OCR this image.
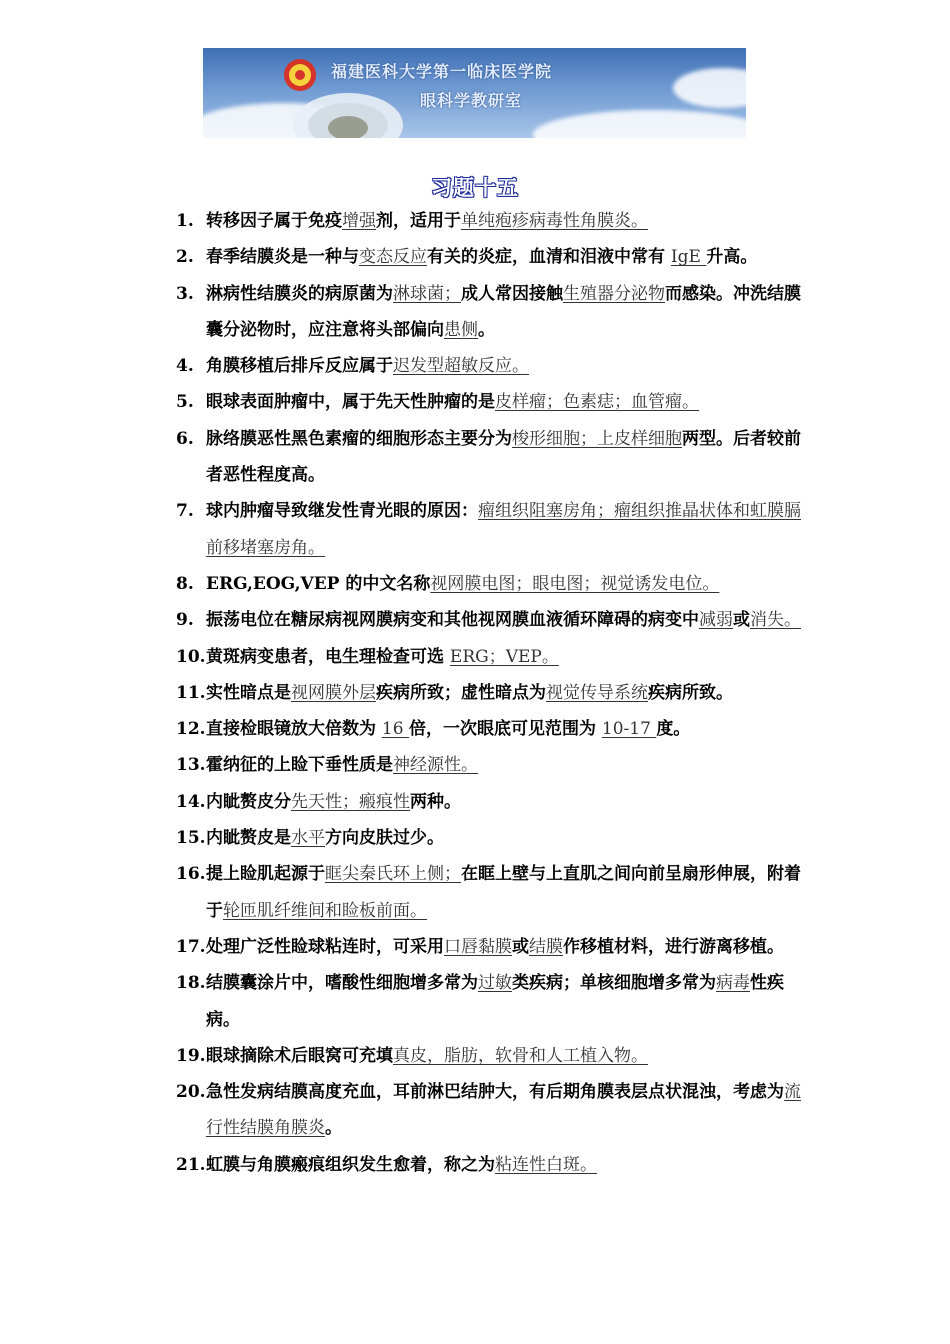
福建医科大学第一临床医学院
眼科学教研室
习题十五
1. 转移因子属于免疫增强剂，适用于单纯疱疹病毒性角膜炎。
2. 春季结膜炎是一种与变态反应有关的炎症，血清和泪液中常有 IgE 升高。
3. 淋病性结膜炎的病原菌为淋球菌；成人常因接触生殖器分泌物而感染。冲洗结膜囊分泌物时，应注意将头部偏向患侧。
4. 角膜移植后排斥反应属于迟发型超敏反应。
5. 眼球表面肿瘤中，属于先天性肿瘤的是皮样瘤；色素痣；血管瘤。
6. 脉络膜恶性黑色素瘤的细胞形态主要分为梭形细胞；上皮样细胞两型。后者较前者恶性程度高。
7. 球内肿瘤导致继发性青光眼的原因：瘤组织阻塞房角；瘤组织推晶状体和虹膜膈前移堵塞房角。
8. ERG,EOG,VEP 的中文名称视网膜电图；眼电图；视觉诱发电位。
9. 振荡电位在糖尿病视网膜病变和其他视网膜血液循环障碍的病变中减弱或消失。
10. 黄斑病变患者，电生理检查可选 ERG；VEP。
11. 实性暗点是视网膜外层疾病所致；虚性暗点为视觉传导系统疾病所致。
12. 直接检眼镜放大倍数为 16 倍，一次眼底可见范围为 10-17 度。
13. 霍纳征的上睑下垂性质是神经源性。
14. 内眦赘皮分先天性；瘢痕性两种。
15. 内眦赘皮是水平方向皮肤过少。
16. 提上睑肌起源于眶尖秦氏环上侧；在眶上壁与上直肌之间向前呈扇形伸展，附着于轮匝肌纤维间和睑板前面。
17. 处理广泛性睑球粘连时，可采用口唇黏膜或结膜作移植材料，进行游离移植。
18. 结膜囊涂片中，嗜酸性细胞增多常为过敏类疾病；单核细胞增多常为病毒性疾病。
19. 眼球摘除术后眼窝可充填真皮，脂肪，软骨和人工植入物。
20. 急性发病结膜高度充血，耳前淋巴结肿大，有后期角膜表层点状混浊，考虑为流行性结膜角膜炎。
21. 虹膜与角膜瘢痕组织发生愈着，称之为粘连性白斑。
